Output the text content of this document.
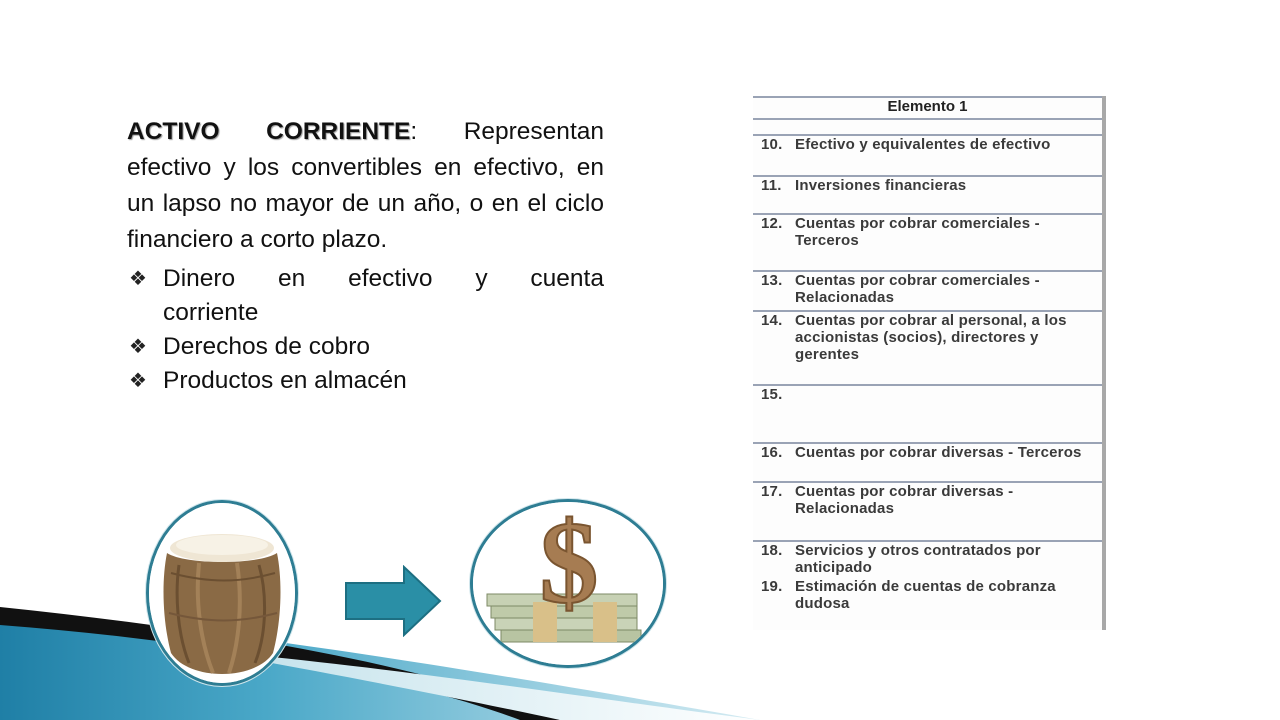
ACTIVO CORRIENTE: Representan efectivo y los convertibles en efectivo, en un lapso no mayor de un año, o en el ciclo financiero a corto plazo.

❖ Dinero en efectivo y cuenta
corriente
❖ Derechos de cobro
❖ Productos en almacén
$
Elemento 1
10. Efectivo y equivalentes de efectivo
11. Inversiones financieras
12. Cuentas por cobrar comerciales - Terceros
13. Cuentas por cobrar comerciales - Relacionadas
14. Cuentas por cobrar al personal, a los accionistas (socios), directores y gerentes
15.
16. Cuentas por cobrar diversas - Terceros
17. Cuentas por cobrar diversas - Relacionadas
18. Servicios y otros contratados por anticipado
19. Estimación de cuentas de cobranza dudosa
